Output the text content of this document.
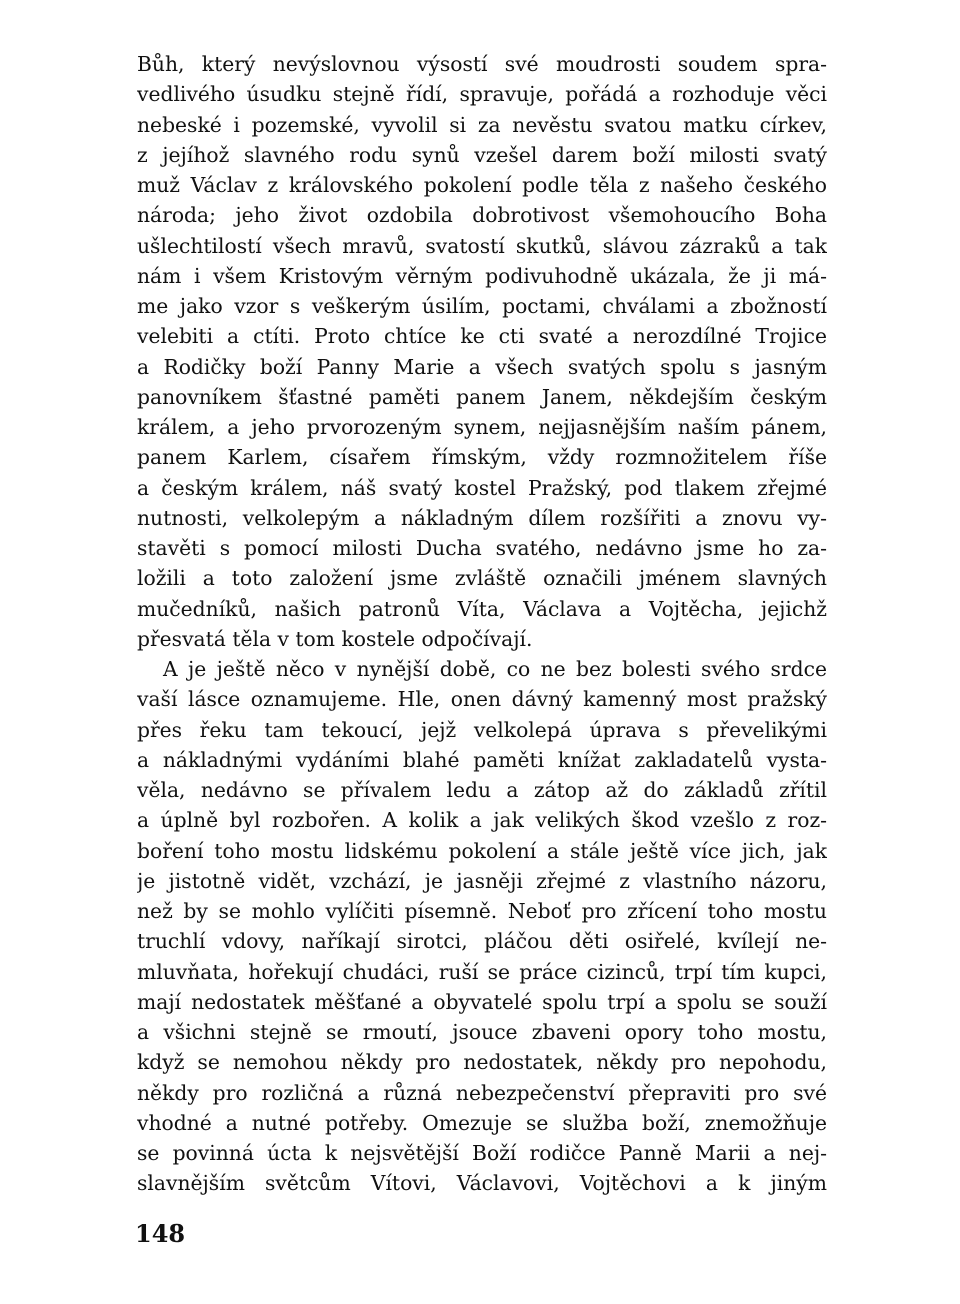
Bůh, který nevýslovnou výsostí své moudrosti soudem spra-
vedlivého úsudku stejně řídí, spravuje, pořádá a rozhoduje věci
nebeské i pozemské, vyvolil si za nevěstu svatou matku církev,
z jejíhož slavného rodu synů vzešel darem boží milosti svatý
muž Václav z královského pokolení podle těla z našeho českého
národa; jeho život ozdobila dobrotivost všemohoucího Boha
ušlechtilostí všech mravů, svatostí skutků, slávou zázraků a tak
nám i všem Kristovým věrným podivuhodně ukázala, že ji má-
me jako vzor s veškerým úsilím, poctami, chválami a zbožností
velebiti a ctíti. Proto chtíce ke cti svaté a nerozdílné Trojice
a Rodičky boží Panny Marie a všech svatých spolu s jasným
panovníkem šťastné paměti panem Janem, někdejším českým
králem, a jeho prvorozeným synem, nejjasnějším naším pánem,
panem Karlem, císařem římským, vždy rozmnožitelem říše
a českým králem, náš svatý kostel Pražský, pod tlakem zřejmé
nutnosti, velkolepým a nákladným dílem rozšířiti a znovu vy-
stavěti s pomocí milosti Ducha svatého, nedávno jsme ho za-
ložili a toto založení jsme zvláště označili jménem slavných
mučedníků, našich patronů Víta, Václava a Vojtěcha, jejichž
přesvatá těla v tom kostele odpočívají.
A je ještě něco v nynější době, co ne bez bolesti svého srdce
vaší lásce oznamujeme. Hle, onen dávný kamenný most pražský
přes řeku tam tekoucí, jejž velkolepá úprava s převelikými
a nákladnými vydáními blahé paměti knížat zakladatelů vysta-
věla, nedávno se přívalem ledu a zátop až do základů zřítil
a úplně byl rozbořen. A kolik a jak velikých škod vzešlo z roz-
boření toho mostu lidskému pokolení a stále ještě více jich, jak
je jistotně vidět, vzchází, je jasněji zřejmé z vlastního názoru,
než by se mohlo vylíčiti písemně. Neboť pro zřícení toho mostu
truchlí vdovy, naříkají sirotci, pláčou děti osiřelé, kvílejí ne-
mluvňata, hořekují chudáci, ruší se práce cizinců, trpí tím kupci,
mají nedostatek měšťané a obyvatelé spolu trpí a spolu se souží
a všichni stejně se rmoutí, jsouce zbaveni opory toho mostu,
když se nemohou někdy pro nedostatek, někdy pro nepohodu,
někdy pro rozličná a různá nebezpečenství přepraviti pro své
vhodné a nutné potřeby. Omezuje se služba boží, znemožňuje
se povinná úcta k nejsvětější Boží rodičce Panně Marii a nej-
slavnějším světcům Vítovi, Václavovi, Vojtěchovi a k jiným
148
